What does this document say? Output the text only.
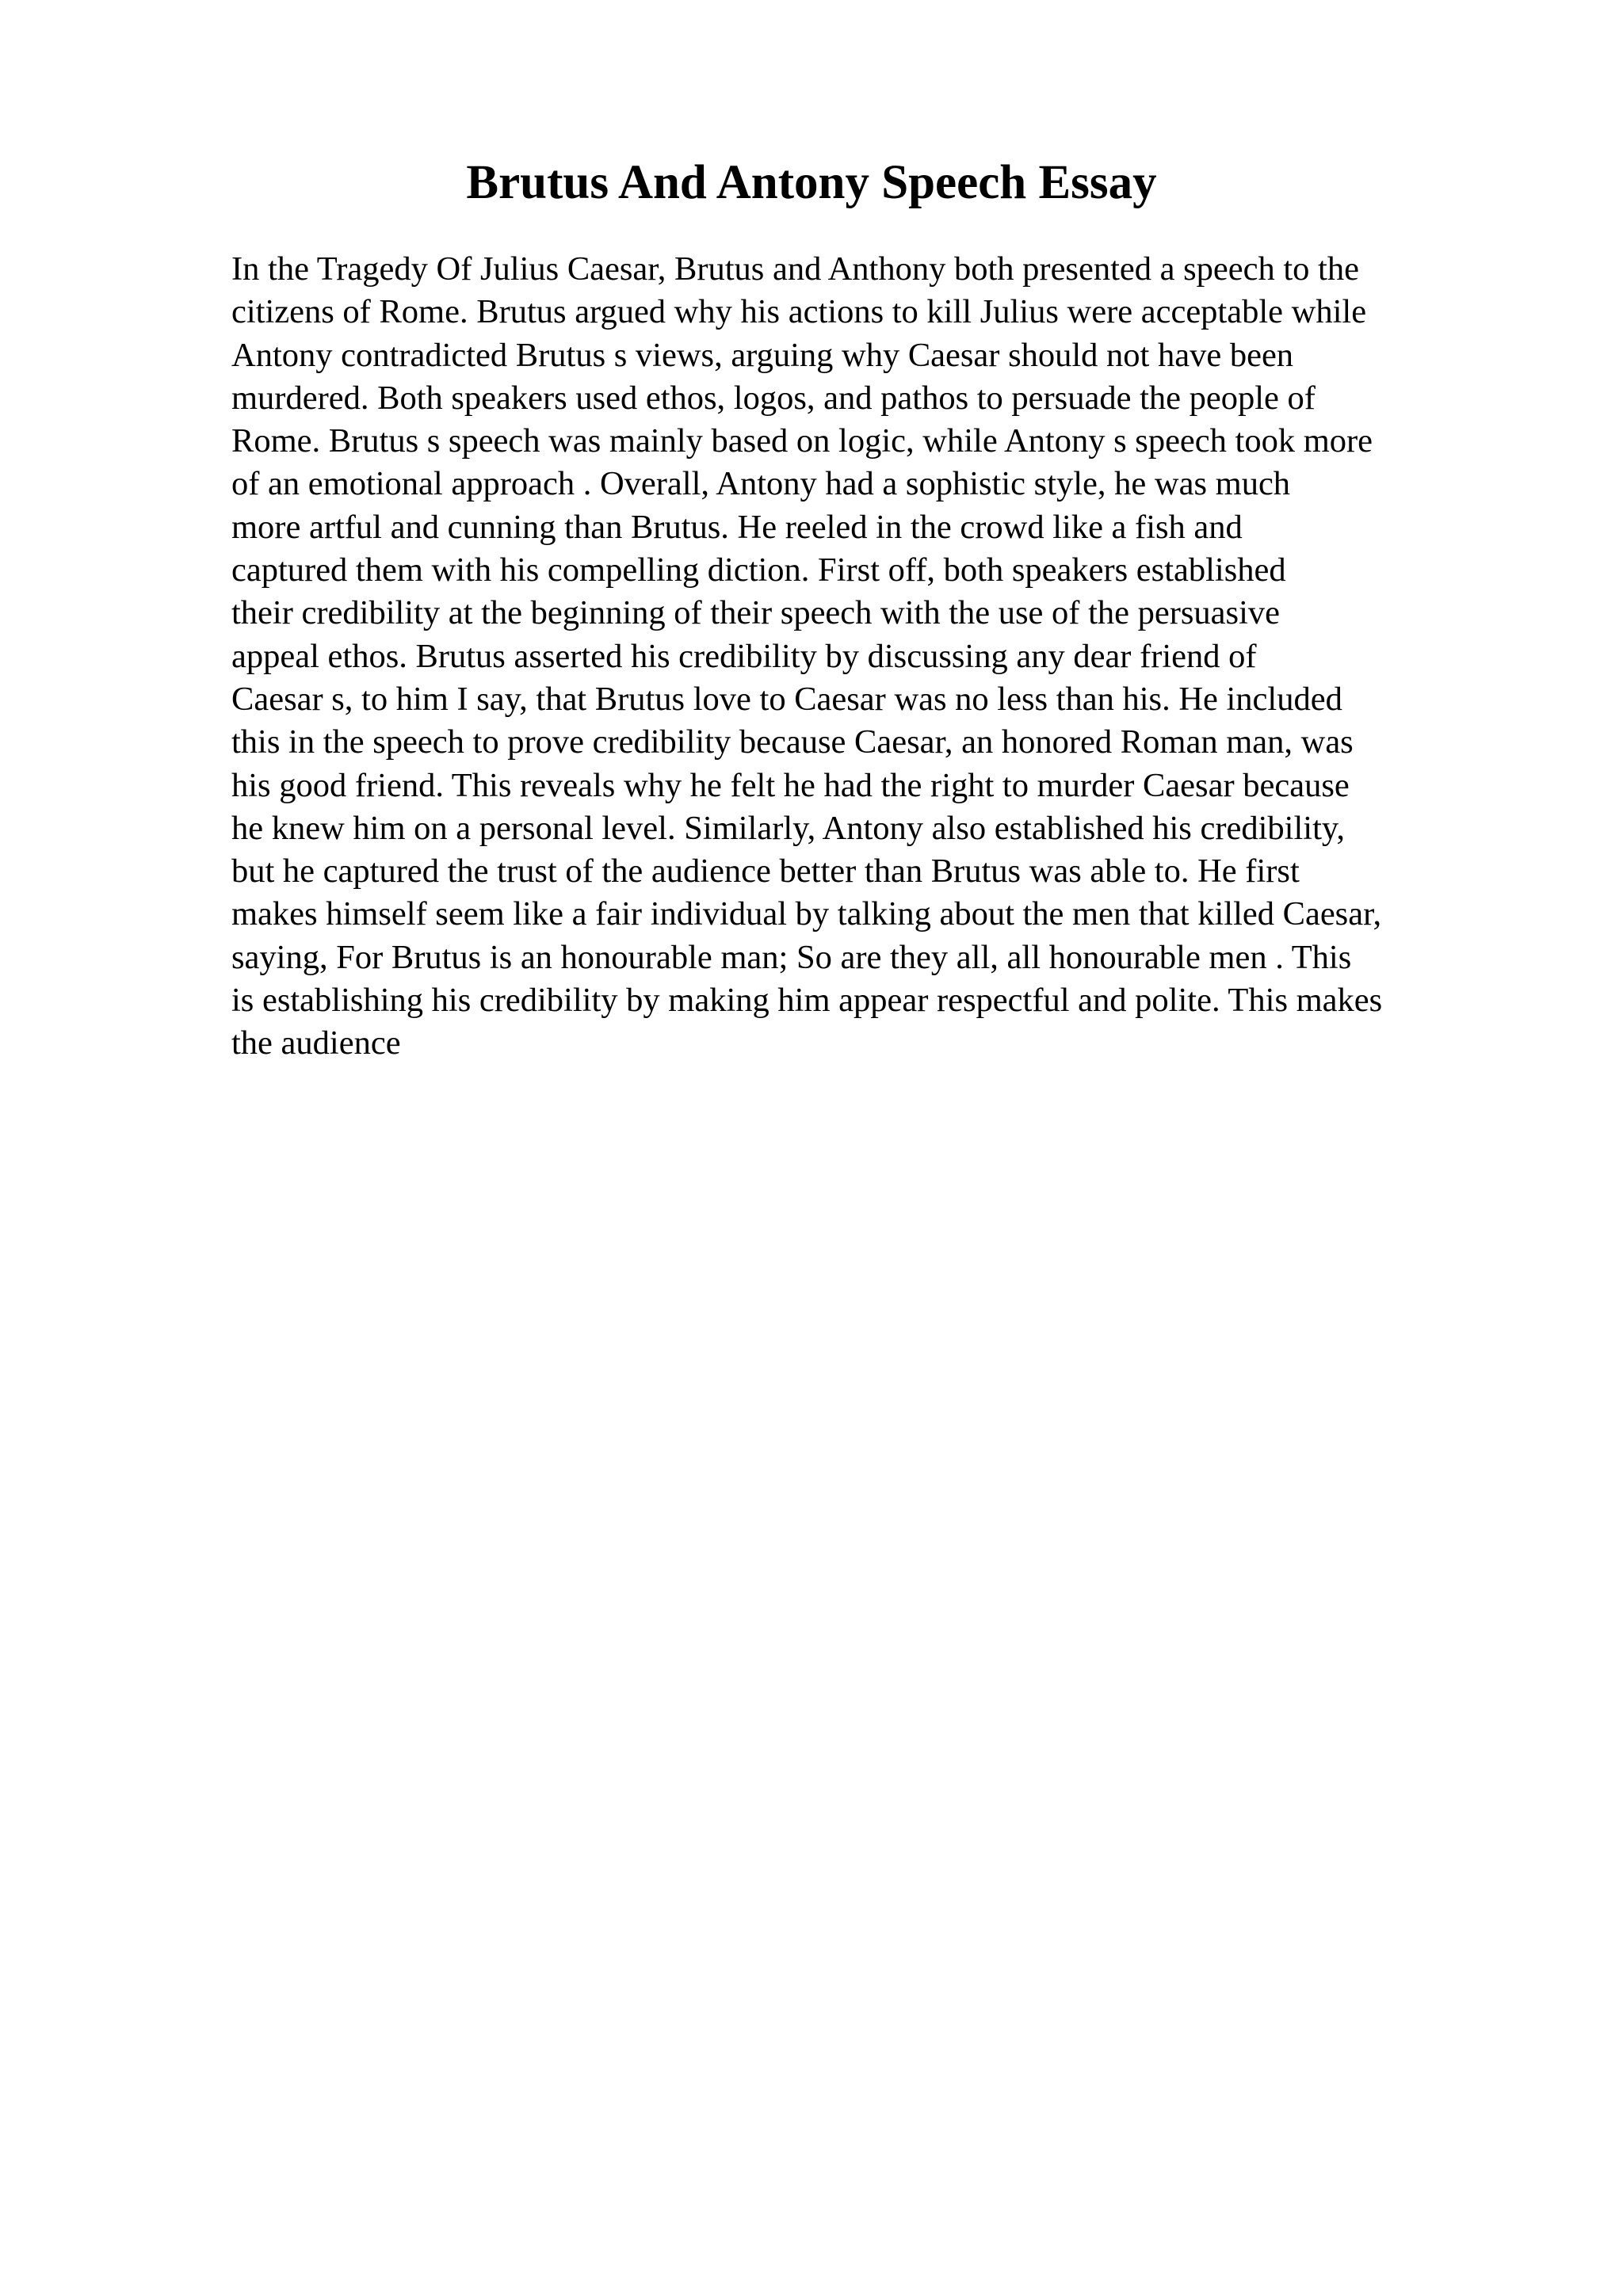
Brutus And Antony Speech Essay
In the Tragedy Of Julius Caesar, Brutus and Anthony both presented a speech to the
citizens of Rome. Brutus argued why his actions to kill Julius were acceptable while
Antony contradicted Brutus s views, arguing why Caesar should not have been
murdered. Both speakers used ethos, logos, and pathos to persuade the people of
Rome. Brutus s speech was mainly based on logic, while Antony s speech took more
of an emotional approach . Overall, Antony had a sophistic style, he was much
more artful and cunning than Brutus. He reeled in the crowd like a fish and
captured them with his compelling diction. First off, both speakers established
their credibility at the beginning of their speech with the use of the persuasive
appeal ethos. Brutus asserted his credibility by discussing any dear friend of
Caesar s, to him I say, that Brutus love to Caesar was no less than his. He included
this in the speech to prove credibility because Caesar, an honored Roman man, was
his good friend. This reveals why he felt he had the right to murder Caesar because
he knew him on a personal level. Similarly, Antony also established his credibility,
but he captured the trust of the audience better than Brutus was able to. He first
makes himself seem like a fair individual by talking about the men that killed Caesar,
saying, For Brutus is an honourable man; So are they all, all honourable men . This
is establishing his credibility by making him appear respectful and polite. This makes
the audience
